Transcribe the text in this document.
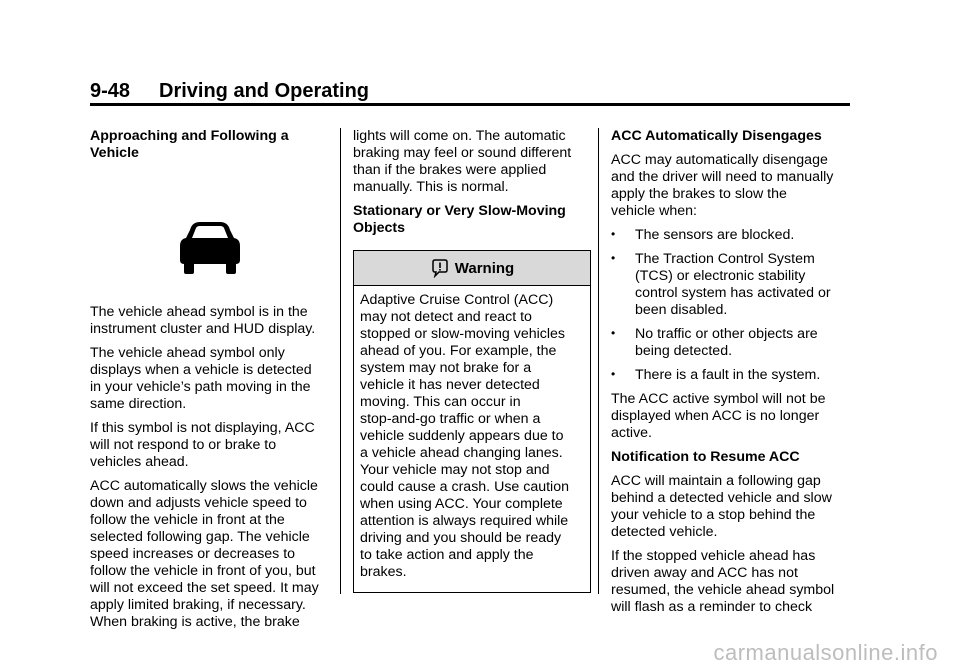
9-48 Driving and Operating

Approaching and Following a
Vehicle

The vehicle ahead symbol is in the
instrument cluster and HUD display.

The vehicle ahead symbol only
displays when a vehicle is detected
in your vehicle’s path moving in the
same direction.

If this symbol is not displaying, ACC
will not respond to or brake to
vehicles ahead.

ACC automatically slows the vehicle
down and adjusts vehicle speed to
follow the vehicle in front at the
selected following gap. The vehicle
speed increases or decreases to
follow the vehicle in front of you, but
will not exceed the set speed. It may
apply limited braking, if necessary.
When braking is active, the brake

lights will come on. The automatic
braking may feel or sound different
than if the brakes were applied
manually. This is normal.

Stationary or Very Slow-Moving
Objects

Warning

Adaptive Cruise Control (ACC)
may not detect and react to
stopped or slow-moving vehicles
ahead of you. For example, the
system may not brake for a
vehicle it has never detected
moving. This can occur in
stop-and-go traffic or when a
vehicle suddenly appears due to
a vehicle ahead changing lanes.
Your vehicle may not stop and
could cause a crash. Use caution
when using ACC. Your complete
attention is always required while
driving and you should be ready
to take action and apply the
brakes.

ACC Automatically Disengages

ACC may automatically disengage
and the driver will need to manually
apply the brakes to slow the
vehicle when:

• The sensors are blocked.
• The Traction Control System
(TCS) or electronic stability
control system has activated or
been disabled.
• No traffic or other objects are
being detected.
• There is a fault in the system.

The ACC active symbol will not be
displayed when ACC is no longer
active.

Notification to Resume ACC

ACC will maintain a following gap
behind a detected vehicle and slow
your vehicle to a stop behind the
detected vehicle.

If the stopped vehicle ahead has
driven away and ACC has not
resumed, the vehicle ahead symbol
will flash as a reminder to check

carmanualsonline.info
